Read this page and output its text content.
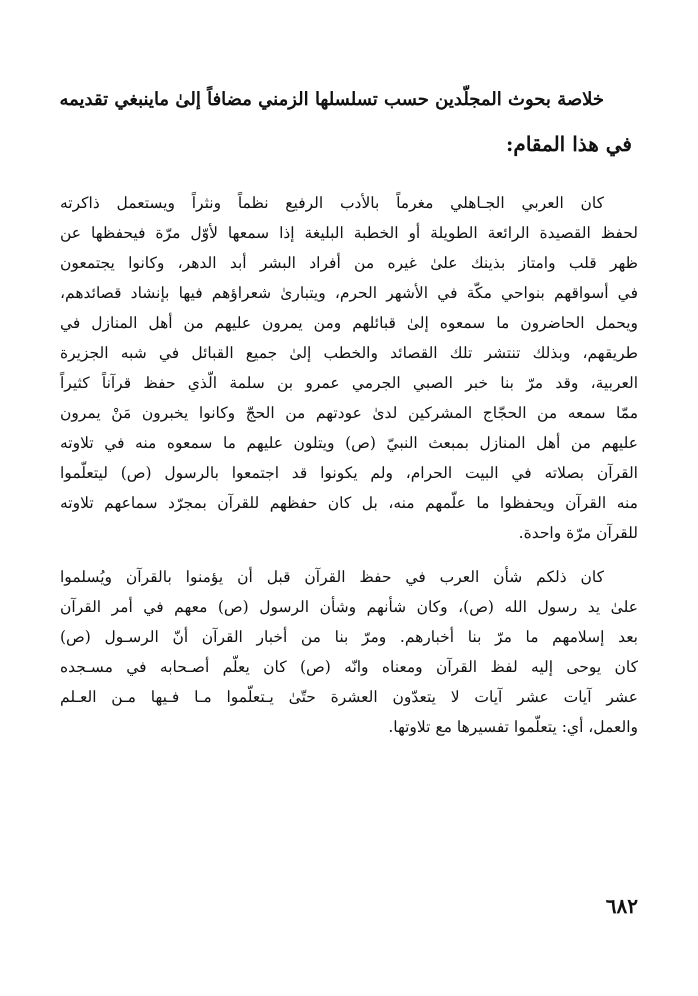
خلاصة بحوث المجلّدين حسب تسلسلها الزمني مضافاً إلىٰ ماينبغي تقديمه
في هذا المقام:
كان العربي الجـاهلي مغرماً بالأدب الرفيع نظماً ونثراً ويستعمل ذاكرته
لحفظ القصيدة الرائعة الطويلة أو الخطبة البليغة إذا سمعها لأوّل مرّة فيحفظها عن
ظهر قلب وامتاز بذينك علىٰ غيره من أفراد البشر أبد الدهر، وكانوا يجتمعون
في أسواقهم بنواحي مكّة في الأشهر الحرم، ويتبارىٰ شعراؤهم فيها بإنشاد قصائدهم،
ويحمل الحاضرون ما سمعوه إلىٰ قبائلهم ومن يمرون عليهم من أهل المنازل في
طريقهم، وبذلك تنتشر تلك القصائد والخطب إلىٰ جميع القبائل في شبه الجزيرة
العربية، وقد مرّ بنا خبر الصبي الجرمي عمرو بن سلمة الّذي حفظ قرآناً كثيراً
ممّا سمعه من الحجّاج المشركين لدىٰ عودتهم من الحجّ وكانوا يخبرون مَنْ يمرون
عليهم من أهل المنازل بمبعث النبيّ (ص) ويتلون عليهم ما سمعوه منه في تلاوته
القرآن بصلاته في البيت الحرام، ولم يكونوا قد اجتمعوا بالرسول (ص) ليتعلّموا
منه القرآن ويحفظوا ما علّمهم منه، بل كان حفظهم للقرآن بمجرّد سماعهم تلاوته
للقرآن مرّة واحدة.
كان ذلكم شأن العرب في حفظ القرآن قبل أن يؤمنوا بالقرآن ويُسلموا
علىٰ يد رسول الله (ص)، وكان شأنهم وشأن الرسول (ص) معهم في أمر القرآن
بعد إسلامهم ما مرّ بنا أخبارهم. ومرّ بنا من أخبار القرآن أنّ الرسـول (ص)
كان يوحى إليه لفظ القرآن ومعناه وانّه (ص) كان يعلّم أصـحابه في مسـجده
عشر آيات عشر آيات لا يتعدّون العشرة حتّىٰ يـتعلّموا مـا فـيها مـن العـلم
والعمل، أي: يتعلّموا تفسيرها مع تلاوتها.
٦٨٢
